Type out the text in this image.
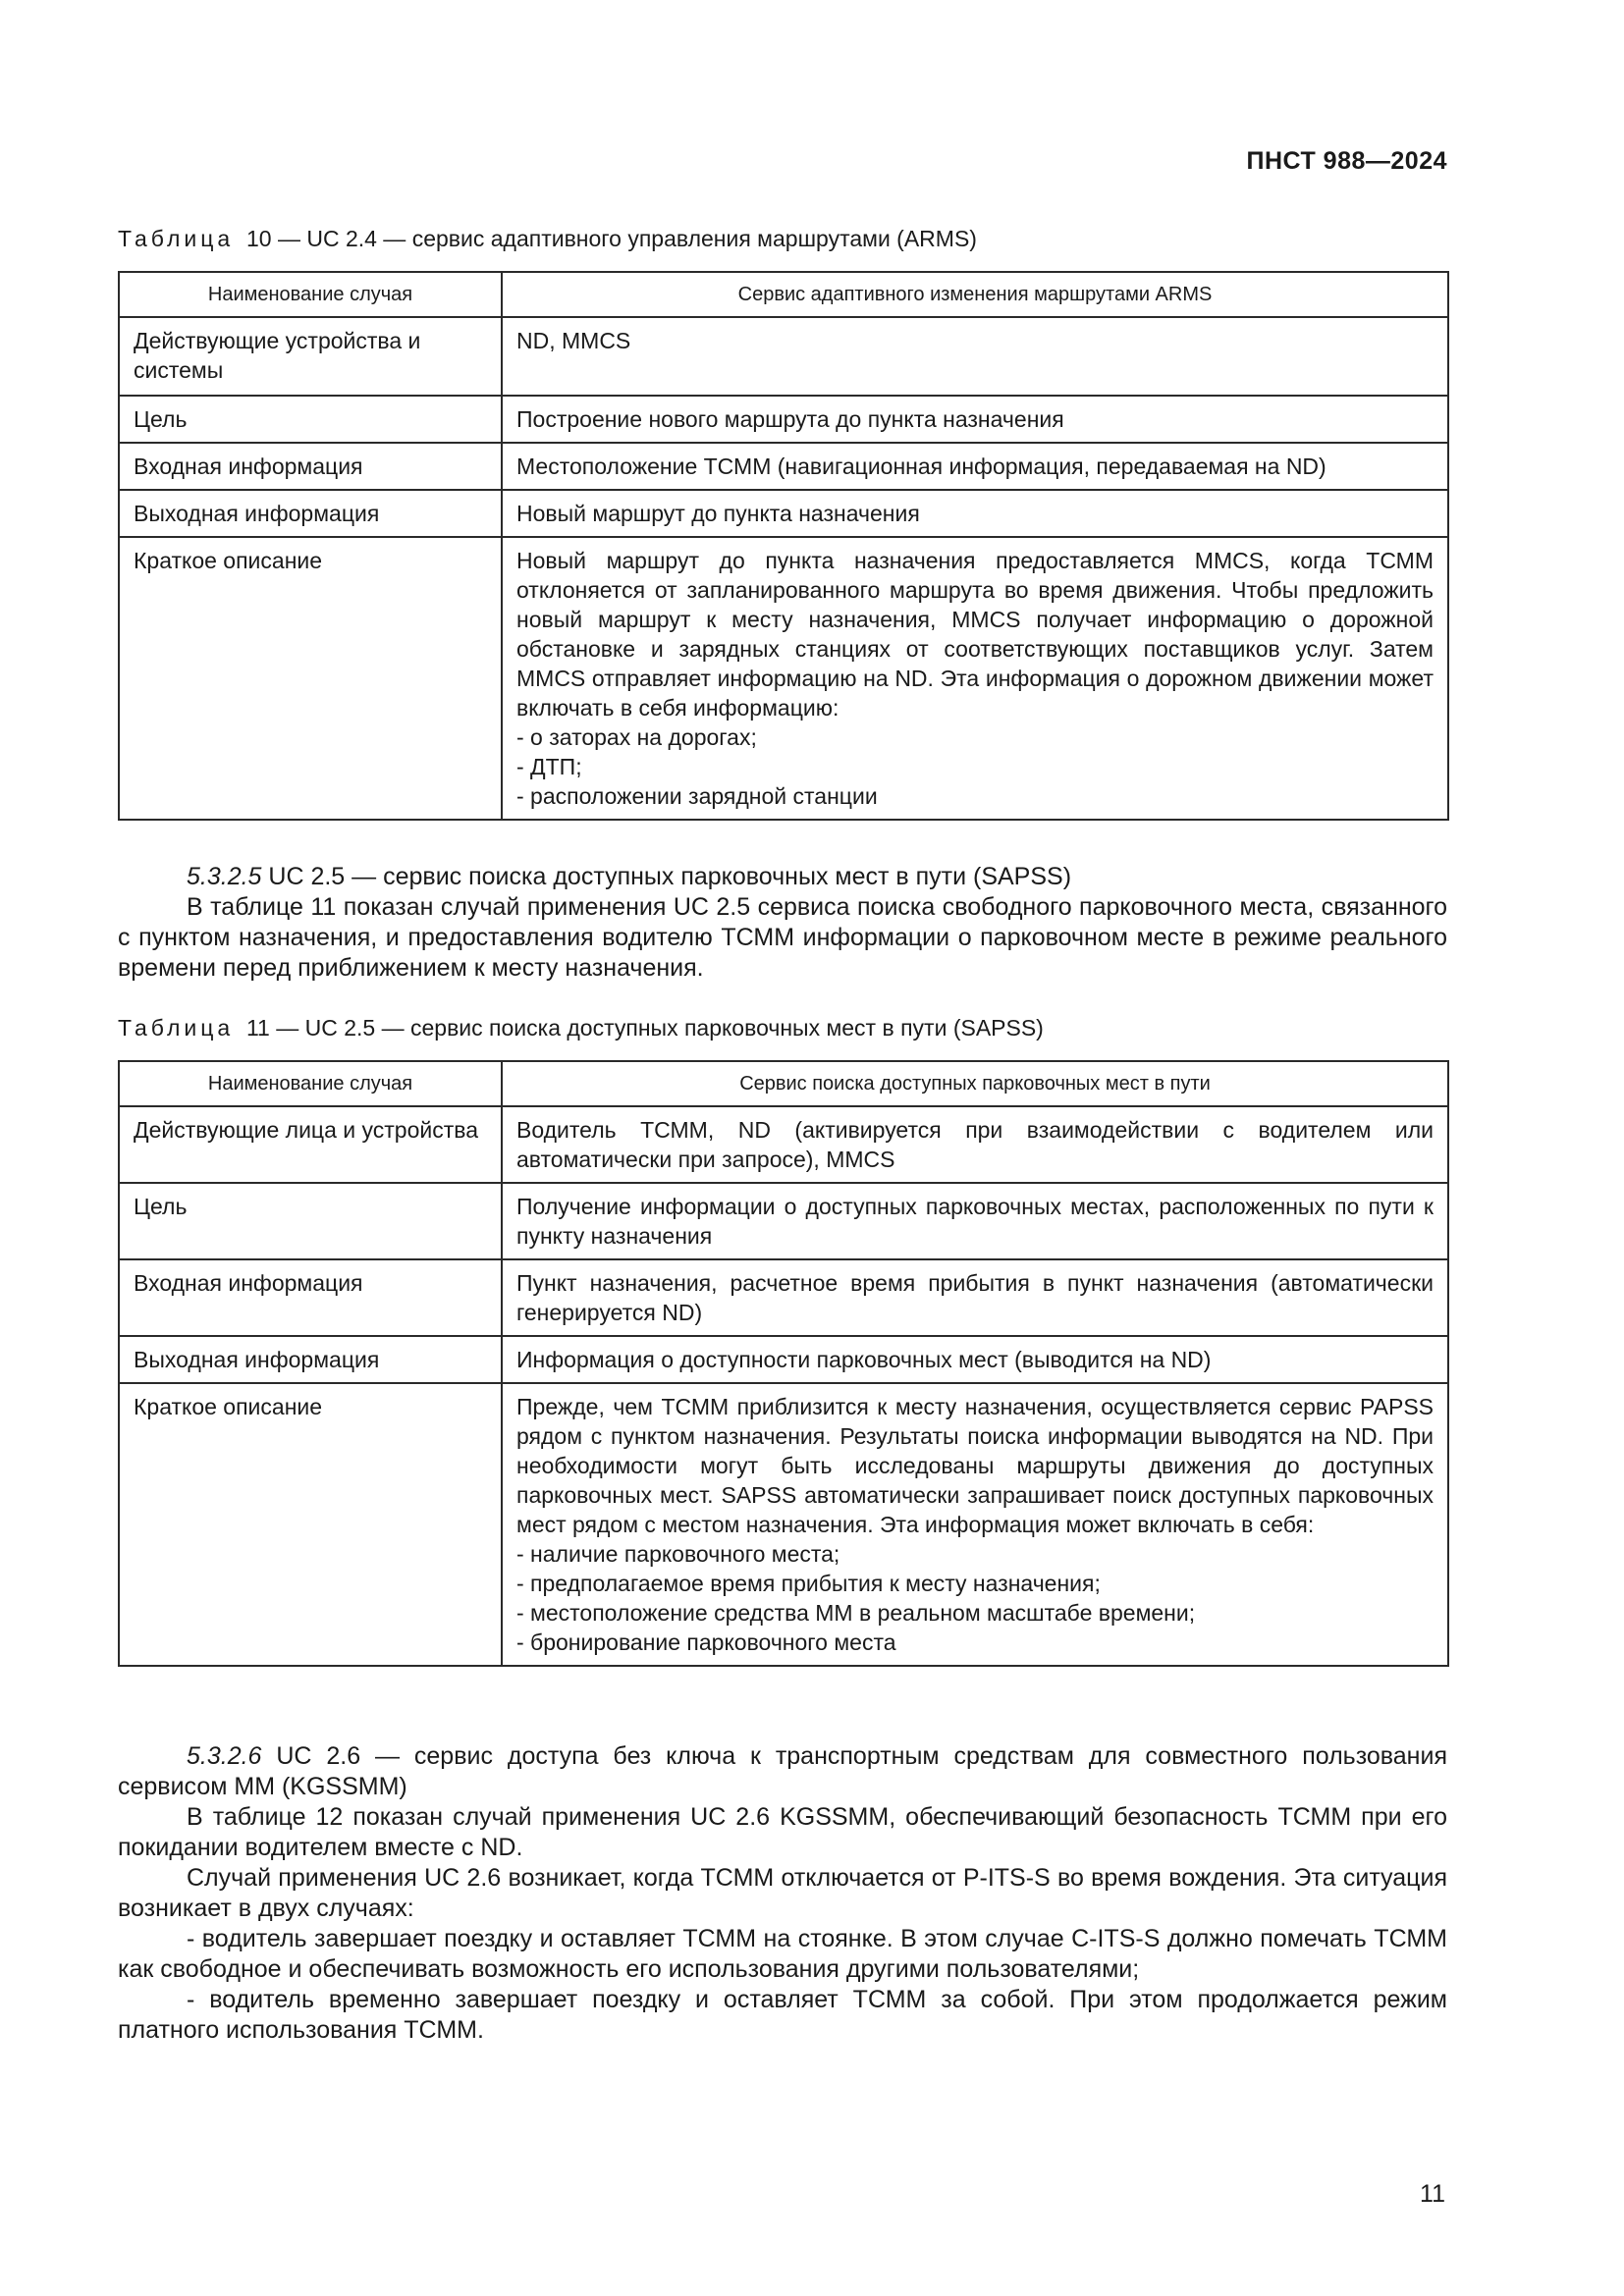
ПНСТ 988—2024
Таблица 10 — UC 2.4 — сервис адаптивного управления маршрутами (ARMS)
Наименование случая	Сервис адаптивного изменения маршрутами ARMS
Действующие устройства и системы	ND, MMCS
Цель	Построение нового маршрута до пункта назначения
Входная информация	Местоположение ТСММ (навигационная информация, передаваемая на ND)
Выходная информация	Новый маршрут до пункта назначения
Краткое описание	Новый маршрут до пункта назначения предоставляется MMCS, когда ТСММ отклоняется от запланированного маршрута во время движения. Чтобы предложить новый маршрут к месту назначения, MMCS получает информацию о дорожной обстановке и зарядных станциях от соответствующих поставщиков услуг. Затем MMCS отправляет информацию на ND. Эта информация о дорожном движении может включать в себя информацию:
- о заторах на дорогах;
- ДТП;
- расположении зарядной станции

5.3.2.5 UC 2.5 — сервис поиска доступных парковочных мест в пути (SAPSS)

В таблице 11 показан случай применения UC 2.5 сервиса поиска свободного парковочного места, связанного с пунктом назначения, и предоставления водителю ТСММ информации о парковочном месте в режиме реального времени перед приближением к месту назначения.

Таблица 11 — UC 2.5 — сервис поиска доступных парковочных мест в пути (SAPSS)
Наименование случая	Сервис поиска доступных парковочных мест в пути
Действующие лица и устройства	Водитель ТСММ, ND (активируется при взаимодействии с водителем или автоматически при запросе), MMCS
Цель	Получение информации о доступных парковочных местах, расположенных по пути к пункту назначения
Входная информация	Пункт назначения, расчетное время прибытия в пункт назначения (автоматически генерируется ND)
Выходная информация	Информация о доступности парковочных мест (выводится на ND)
Краткое описание	Прежде, чем ТСММ приблизится к месту назначения, осуществляется сервис PAPSS рядом с пунктом назначения. Результаты поиска информации выводятся на ND. При необходимости могут быть исследованы маршруты движения до доступных парковочных мест. SAPSS автоматически запрашивает поиск доступных парковочных мест рядом с местом назначения. Эта информация может включать в себя:
- наличие парковочного места;
- предполагаемое время прибытия к месту назначения;
- местоположение средства ММ в реальном масштабе времени;
- бронирование парковочного места

5.3.2.6 UC 2.6 — сервис доступа без ключа к транспортным средствам для совместного пользования сервисом ММ (KGSSMM)

В таблице 12 показан случай применения UC 2.6 KGSSMM, обеспечивающий безопасность ТСММ при его покидании водителем вместе с ND.

Случай применения UC 2.6 возникает, когда ТСММ отключается от P-ITS-S во время вождения. Эта ситуация возникает в двух случаях:

- водитель завершает поездку и оставляет ТСММ на стоянке. В этом случае C-ITS-S должно помечать ТСММ как свободное и обеспечивать возможность его использования другими пользователями;

- водитель временно завершает поездку и оставляет ТСММ за собой. При этом продолжается режим платного использования ТСММ.

11
